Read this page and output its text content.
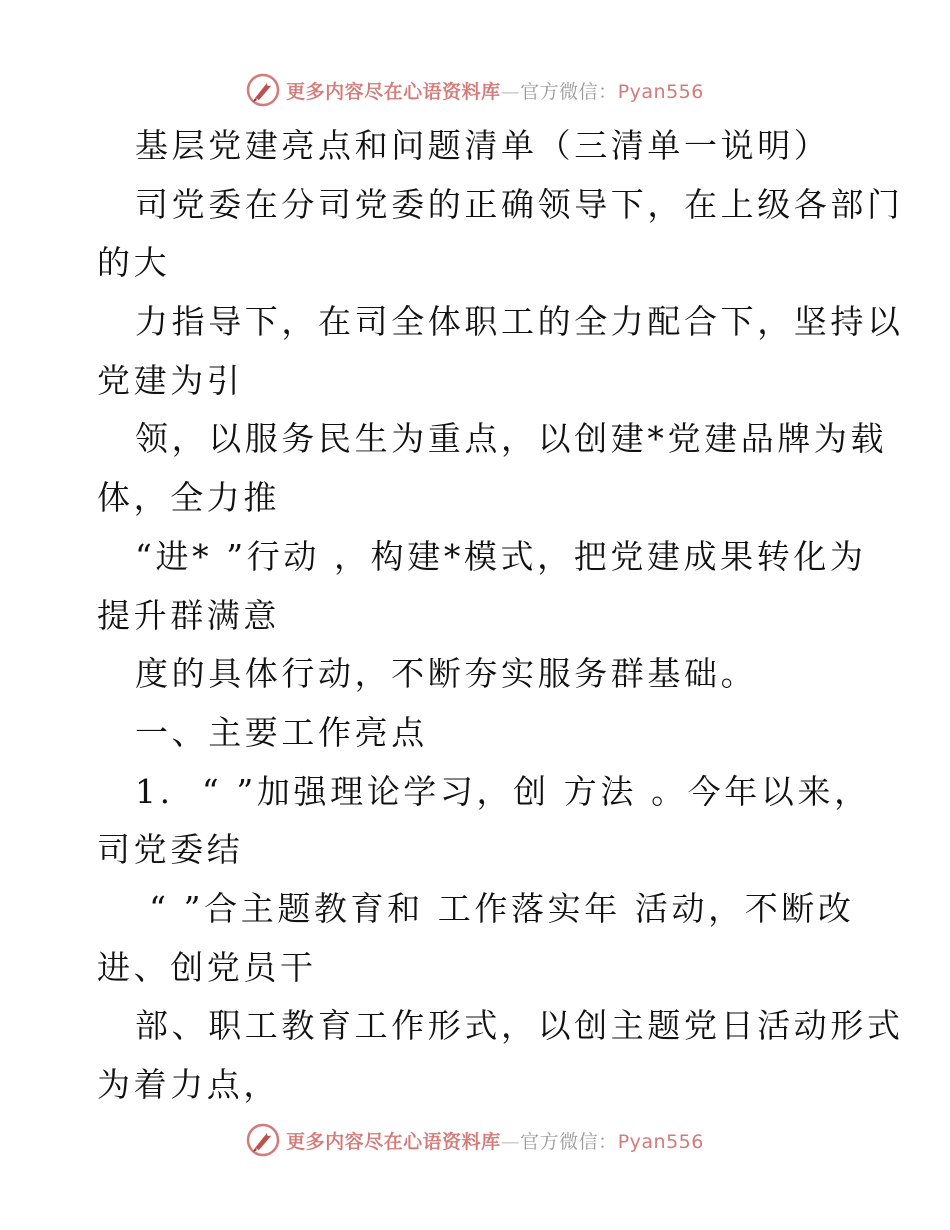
更多内容尽在心语资料库—官方微信：Pyan556
基层党建亮点和问题清单（三清单一说明）
司党委在分司党委的正确领导下，在上级各部门
的大
力指导下，在司全体职工的全力配合下，坚持以
党建为引
领，以服务民生为重点，以创建*党建品牌为载
体，全力推
“进* ”行动 ，构建*模式，把党建成果转化为
提升群满意
度的具体行动，不断夯实服务群基础。
一、主要工作亮点
1.  “ ”加强理论学习，创 方法 。今年以来，
司党委结
“ ”合主题教育和 工作落实年 活动，不断改
进、创党员干
部、职工教育工作形式，以创主题党日活动形式
为着力点，
更多内容尽在心语资料库—官方微信：Pyan556
